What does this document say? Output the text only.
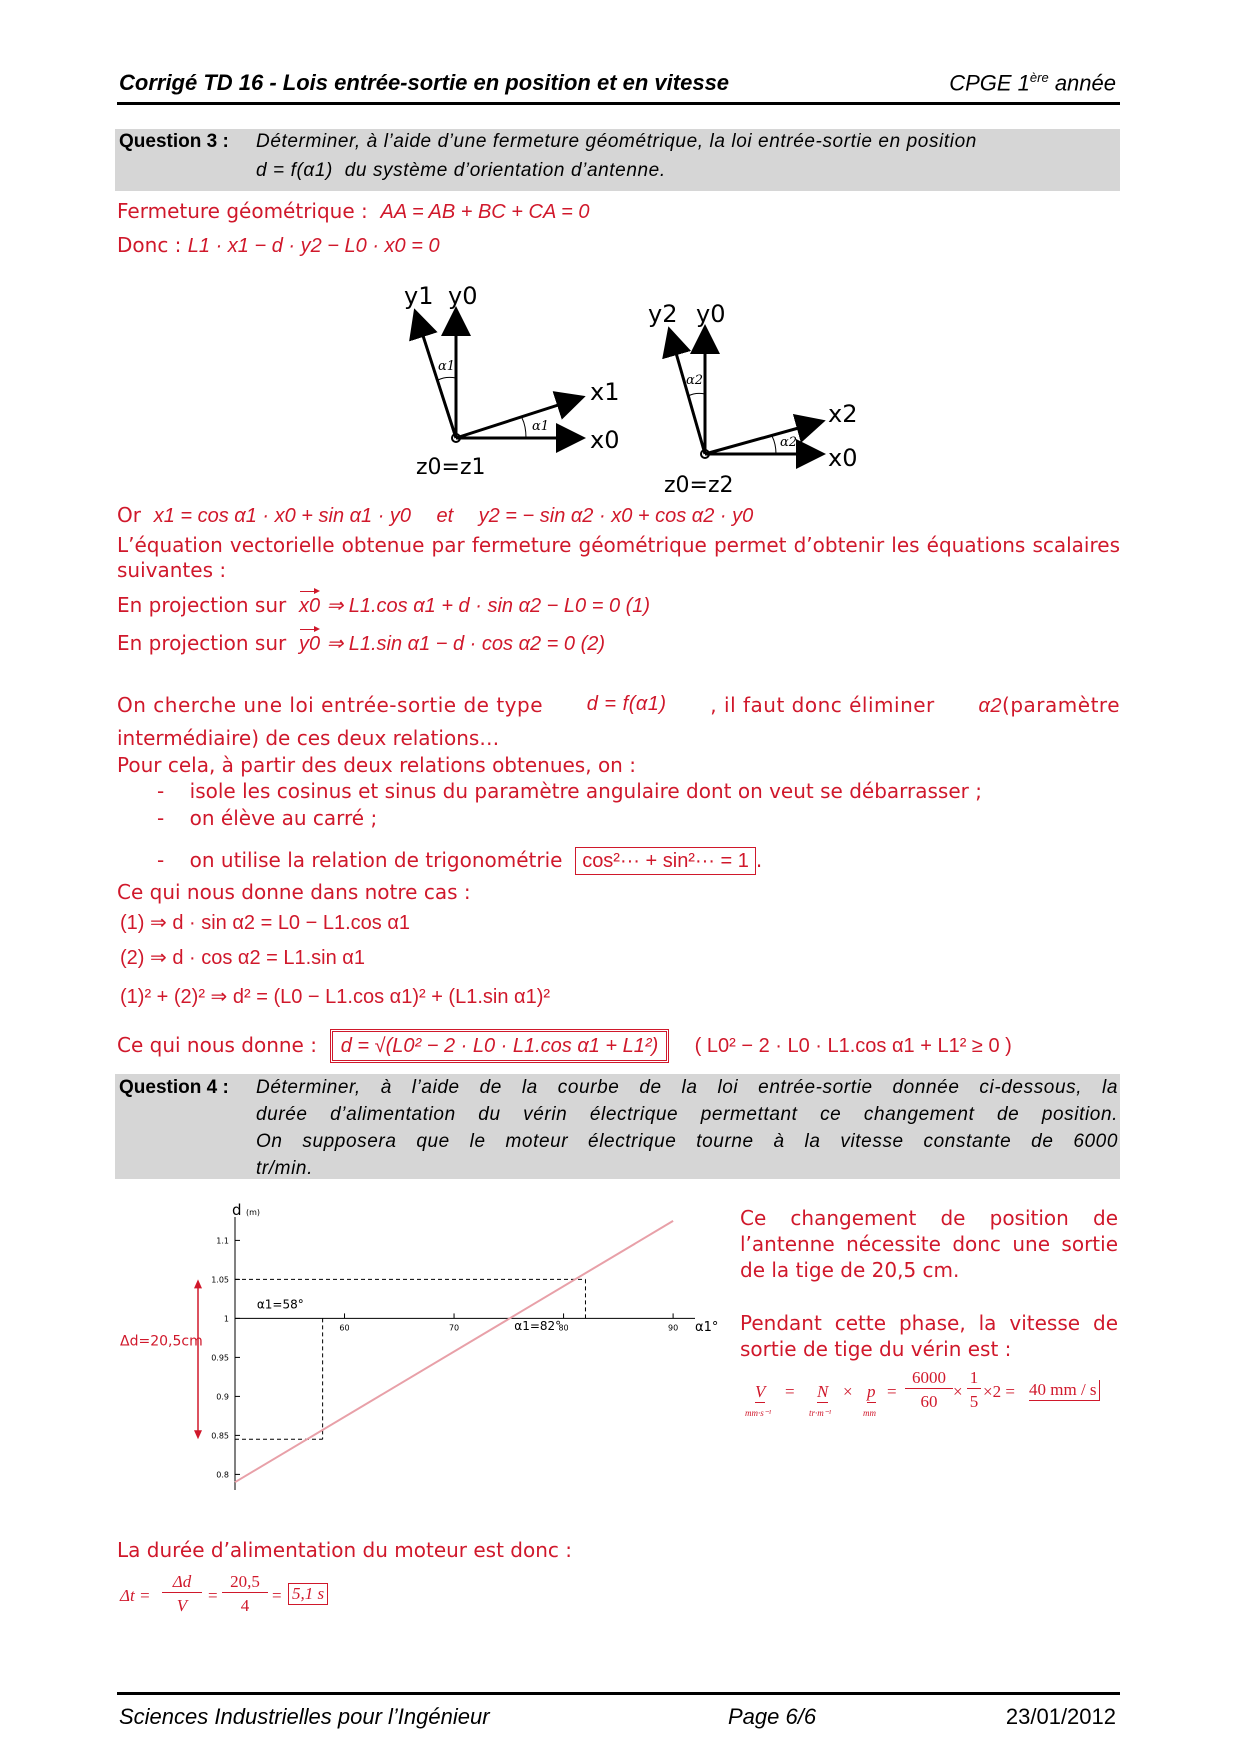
Corrigé TD 16 - Lois entrée-sortie en position et en vitesse	CPGE 1ère année
Question 3 : Déterminer, à l’aide d’une fermeture géométrique, la loi entrée-sortie en position
d = f(α1) du système d’orientation d’antenne.
Fermeture géométrique : AA = AB + BC + CA = 0
Donc : L1 · x1 − d · y2 − L0 · x0 = 0
y1 y0
x1
x0
z0=z1
α1
α1
y2 y0
x2
x0
z0=z2
α2
α2
Or x1 = cos α1 · x0 + sin α1 · y0 et y2 = − sin α2 · x0 + cos α2 · y0
L’équation vectorielle obtenue par fermeture géométrique permet d’obtenir les équations scalaires suivantes :
En projection sur x0 ⇒ L1.cos α1 + d · sin α2 − L0 = 0 (1)
En projection sur y0 ⇒ L1.sin α1 − d · cos α2 = 0 (2)
On cherche une loi entrée-sortie de type d = f(α1) , il faut donc éliminer α2(paramètre
intermédiaire) de ces deux relations…
Pour cela, à partir des deux relations obtenues, on :
-    isole les cosinus et sinus du paramètre angulaire dont on veut se débarrasser ;
-    on élève au carré ;
-    on utilise la relation de trigonométrie cos²··· + sin²··· = 1 .
Ce qui nous donne dans notre cas :
(1) ⇒ d · sin α2 = L0 − L1.cos α1
(2) ⇒ d · cos α2 = L1.sin α1
(1)² + (2)² ⇒ d² = (L0 − L1.cos α1)² + (L1.sin α1)²
Ce qui nous donne : d = √(L0² − 2 · L0 · L1.cos α1 + L1²) ( L0² − 2 · L0 · L1.cos α1 + L1² ≥ 0 )
Question 4 : Déterminer, à l’aide de la courbe de la loi entrée-sortie donnée ci-dessous, la
durée d’alimentation du vérin électrique permettant ce changement de position.
On supposera que le moteur électrique tourne à la vitesse constante de 6000
tr/min.
d (m)
α1°
1.1
1.05
1
0.95
0.9
0.85
0.8
60	70	80	90
α1=58°
α1=82°
Δd=20,5cm
Ce changement de position de l’antenne nécessite donc une sortie de la tige de 20,5 cm.
Pendant cette phase, la vitesse de sortie de tige du vérin est :
V
mm·s⁻¹
= N
tr·m⁻¹
× p
mm
=
6000
60
×
1
5
×2 = 40 mm / s
La durée d’alimentation du moteur est donc :
Δt =
Δd
V
=
20,5
4
= 5,1 s
Sciences Industrielles pour l’Ingénieur	Page 6/6	23/01/2012
